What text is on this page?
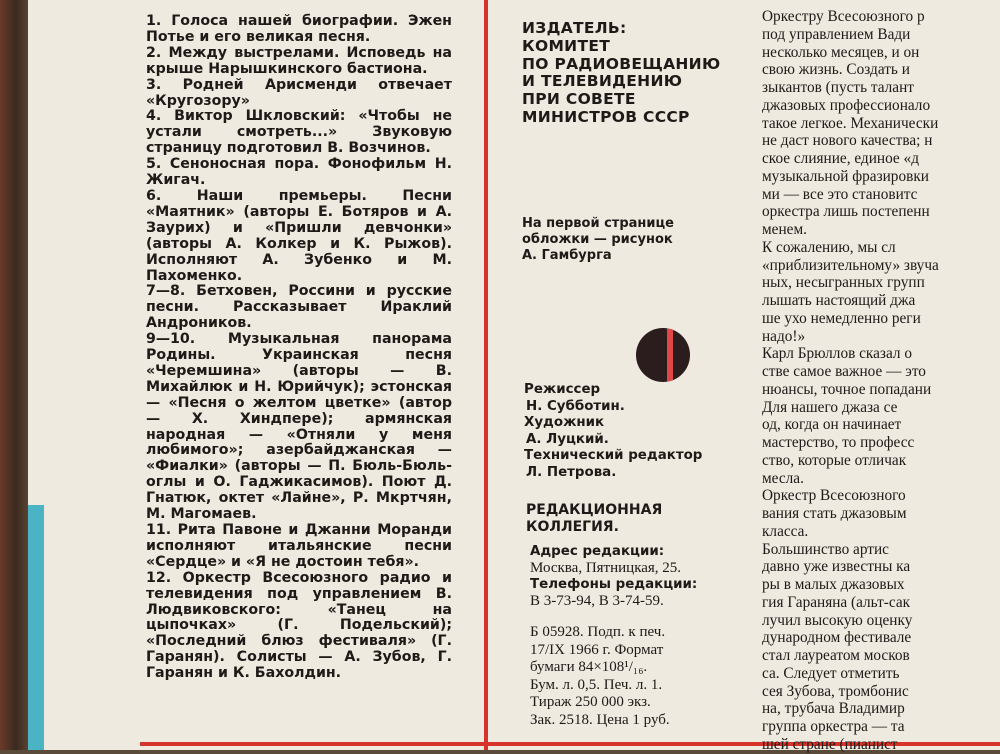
1. Голоса нашей биографии. Эжен Потье и его великая песня.

2. Между выстрелами. Исповедь на крыше Нарышкинского бастиона.

3. Родней Арисменди отвечает «Кругозору»

4. Виктор Шкловский: «Чтобы не устали смотреть...» Звуковую страницу подготовил В. Возчинов.

5. Сеноносная пора. Фонофильм Н. Жигач.

6. Наши премьеры. Песни «Маятник» (авторы Е. Ботяров и А. Заурих) и «Пришли девчонки» (авторы А. Колкер и К. Рыжов). Исполняют А. Зубенко и М. Пахоменко.

7—8. Бетховен, Россини и русские песни. Рассказывает Ираклий Андроников.

9—10. Музыкальная панорама Родины. Украинская песня «Черемшина» (авторы — В. Михайлюк и Н. Юрийчук); эстонская — «Песня о желтом цветке» (автор — Х. Хиндпере); армянская народная — «Отняли у меня любимого»; азербайджанская — «Фиалки» (авторы — П. Бюль-Бюль-оглы и О. Гаджикасимов). Поют Д. Гнатюк, октет «Лайне», Р. Мкртчян, М. Магомаев.

11. Рита Павоне и Джанни Моранди исполняют итальянские песни «Сердце» и «Я не достоин тебя».

12. Оркестр Всесоюзного радио и телевидения под управлением В. Людвиковского: «Танец на цыпочках» (Г. Подельский); «Последний блюз фестиваля» (Г. Гаранян). Солисты — А. Зубов, Г. Гаранян и К. Бахолдин.

ИЗДАТЕЛЬ:
КОМИТЕТ
ПО РАДИОВЕЩАНИЮ
И ТЕЛЕВИДЕНИЮ
ПРИ СОВЕТЕ
МИНИСТРОВ СССР
На первой странице
обложки — рисунок
А. Гамбурга
Режиссер
Н. Субботин.
Художник
А. Луцкий.
Технический редактор
Л. Петрова.
РЕДАКЦИОННАЯ
КОЛЛЕГИЯ.
Адрес редакции:
Москва, Пятницкая, 25.
Телефоны редакции:
В 3-73-94, В 3-74-59.
Б 05928. Подп. к печ.
17/IX 1966 г. Формат
бумаги 84×108¹/₁₆.
Бум. л. 0,5. Печ. л. 1.
Тираж 250 000 экз.
Зак. 2518. Цена 1 руб.
Оркестру Всесоюзного р
под управлением Вади
несколько месяцев, и он
свою жизнь. Создать и
зыкантов (пусть талант
джазовых профессионало
такое легкое. Механически
не даст нового качества; н
ское слияние, единое «д
музыкальной фразировки
ми — все это становитс
оркестра лишь постепенн
менем.
К сожалению, мы сл
«приблизительному» звуча
ных, несыгранных групп
лышать настоящий джа
ше ухо немедленно реги
надо!»
Карл Брюллов сказал о
стве самое важное — это
нюансы, точное попадани
Для нашего джаза се
од, когда он начинает
мастерство, то професс
ство, которые отличак
месла.
Оркестр Всесоюзного
вания стать джазовым
класса.
Большинство артис
давно уже известны ка
ры в малых джазовых
гия Гараняна (альт-сак
лучил высокую оценку
дународном фестивале
стал лауреатом москов
са. Следует отметить
сея Зубова, тромбонис
на, трубача Владимир
группа оркестра — та
шей стране (пианист
